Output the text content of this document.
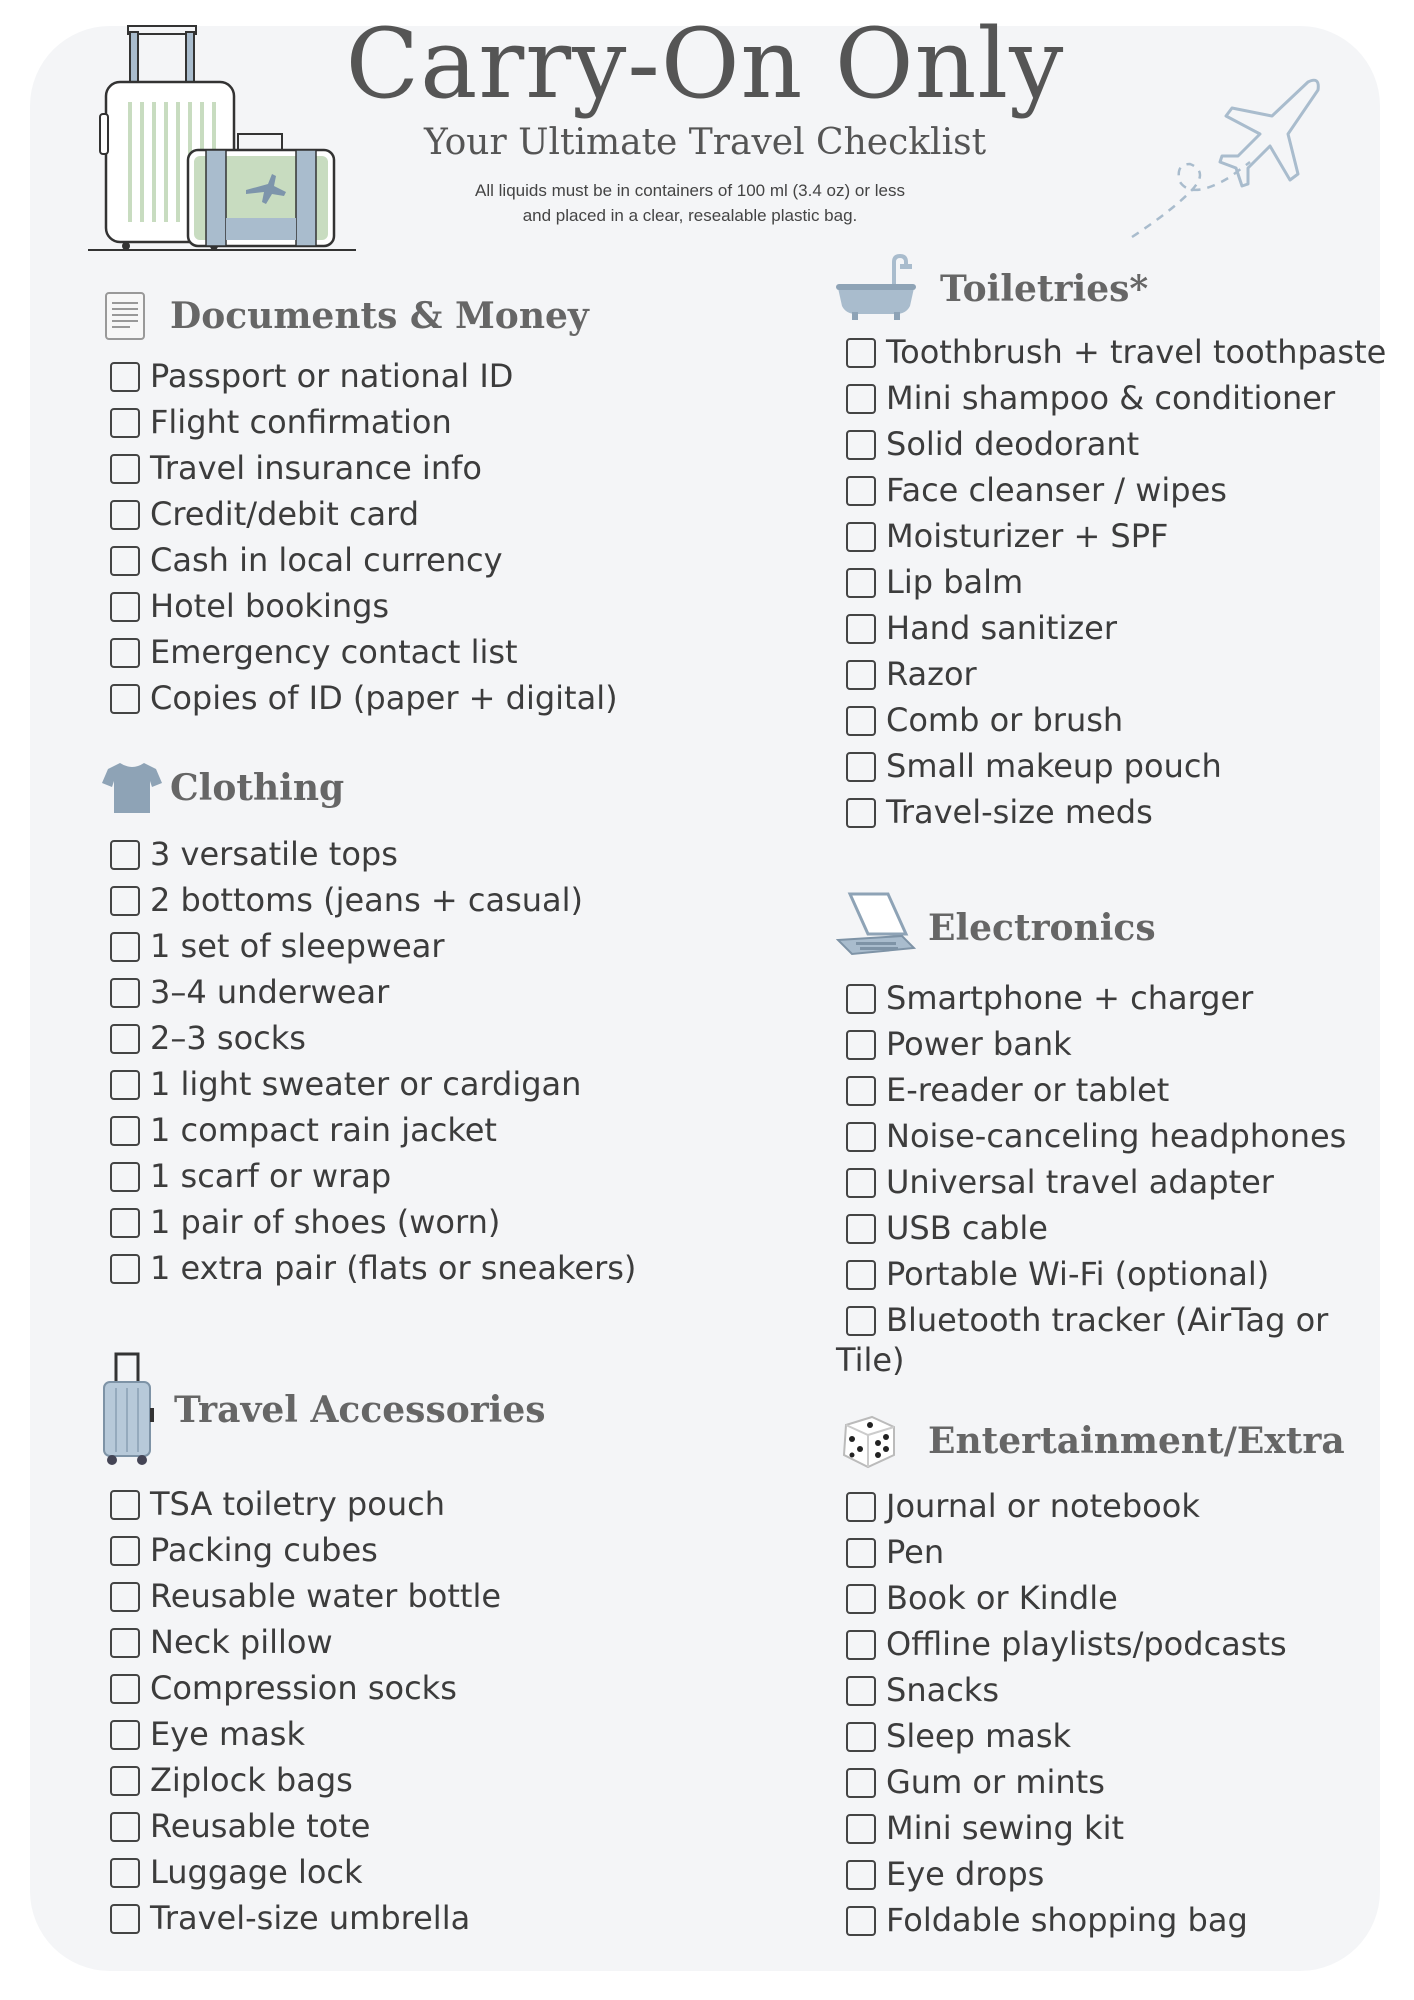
Carry-On Only
Your Ultimate Travel Checklist
All liquids must be in containers of 100 ml (3.4 oz) or less
and placed in a clear, resealable plastic bag.
Documents & Money
Passport or national ID
Flight confirmation
Travel insurance info
Credit/debit card
Cash in local currency
Hotel bookings
Emergency contact list
Copies of ID (paper + digital)
Clothing
3 versatile tops
2 bottoms (jeans + casual)
1 set of sleepwear
3–4 underwear
2–3 socks
1 light sweater or cardigan
1 compact rain jacket
1 scarf or wrap
1 pair of shoes (worn)
1 extra pair (flats or sneakers)
Travel Accessories
TSA toiletry pouch
Packing cubes
Reusable water bottle
Neck pillow
Compression socks
Eye mask
Ziplock bags
Reusable tote
Luggage lock
Travel-size umbrella
Toiletries*
Toothbrush + travel toothpaste
Mini shampoo & conditioner
Solid deodorant
Face cleanser / wipes
Moisturizer + SPF
Lip balm
Hand sanitizer
Razor
Comb or brush
Small makeup pouch
Travel-size meds
Electronics
Smartphone + charger
Power bank
E-reader or tablet
Noise-canceling headphones
Universal travel adapter
USB cable
Portable Wi-Fi (optional)
Bluetooth tracker (AirTag or
Tile)
Entertainment/Extra
Journal or notebook
Pen
Book or Kindle
Offline playlists/podcasts
Snacks
Sleep mask
Gum or mints
Mini sewing kit
Eye drops
Foldable shopping bag
